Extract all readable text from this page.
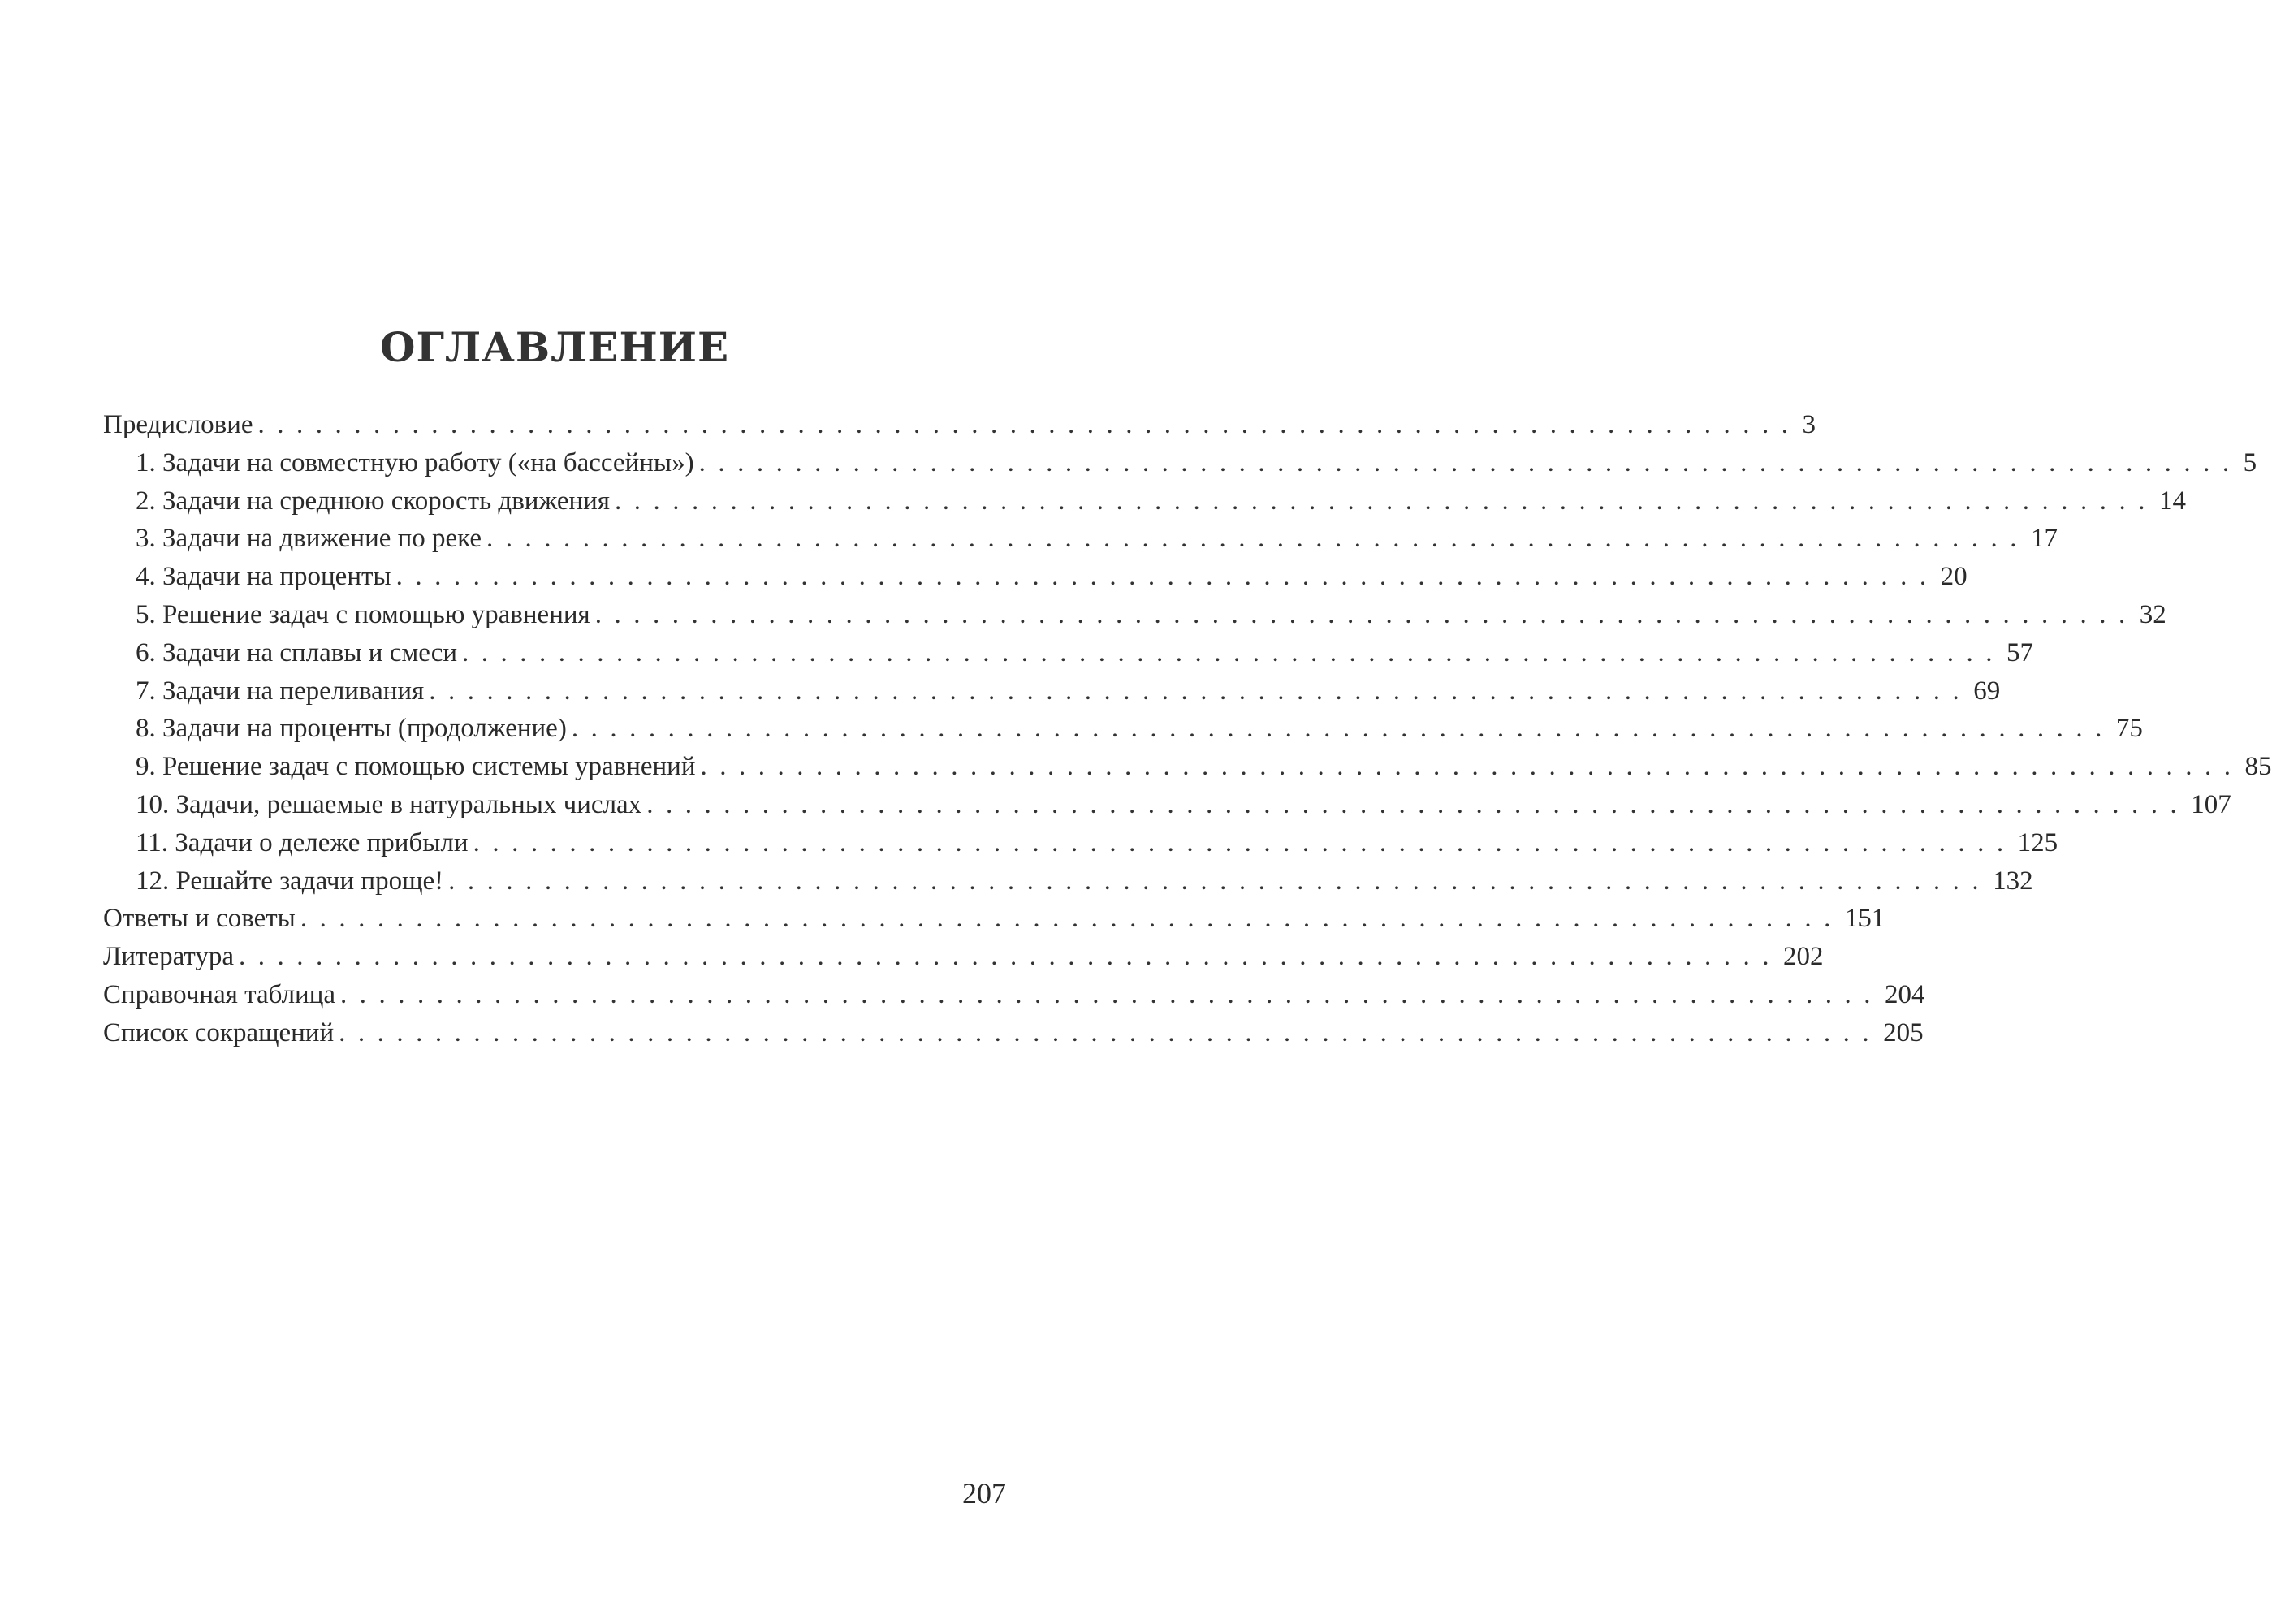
ОГЛАВЛЕНИЕ
Предисловие ................................................................................ 3
1. Задачи на совместную работу («на бассейны») ................................................................................ 5
2. Задачи на среднюю скорость движения ................................................................................ 14
3. Задачи на движение по реке ................................................................................ 17
4. Задачи на проценты ................................................................................ 20
5. Решение задач с помощью уравнения ................................................................................ 32
6. Задачи на сплавы и смеси ................................................................................ 57
7. Задачи на переливания ................................................................................ 69
8. Задачи на проценты (продолжение) ................................................................................ 75
9. Решение задач с помощью системы уравнений ................................................................................ 85
10. Задачи, решаемые в натуральных числах ................................................................................ 107
11. Задачи о дележе прибыли ................................................................................ 125
12. Решайте задачи проще! ................................................................................ 132
Ответы и советы ................................................................................ 151
Литература ................................................................................ 202
Справочная таблица ................................................................................ 204
Список сокращений ................................................................................ 205
207
